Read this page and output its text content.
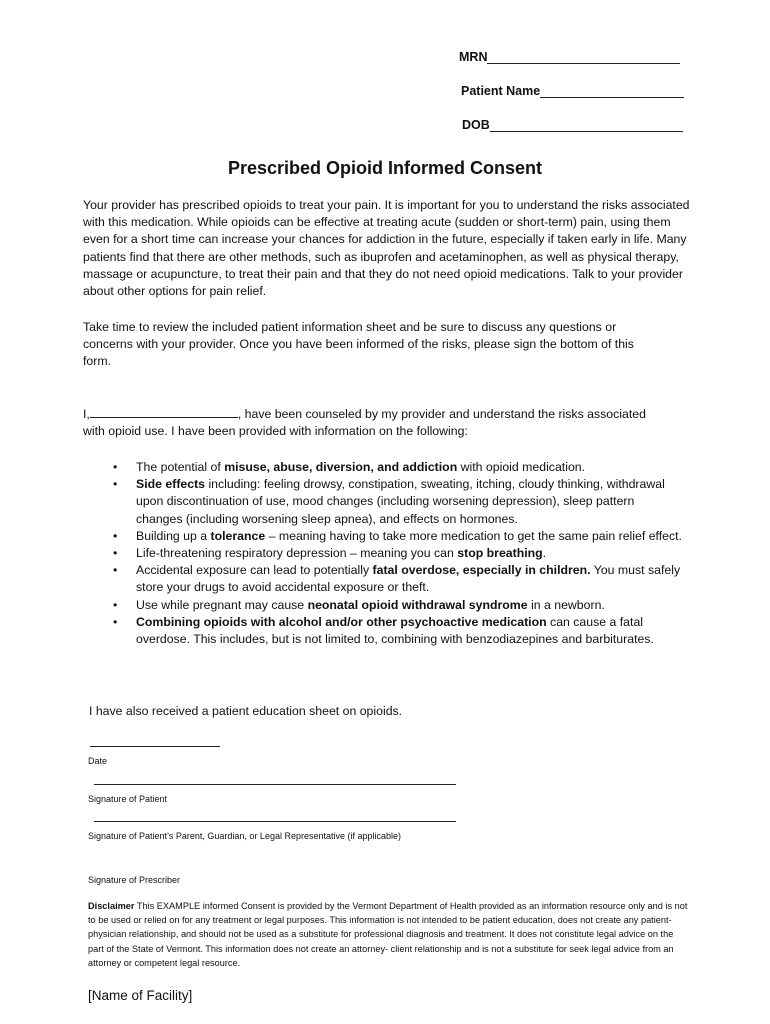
MRN
Patient Name
DOB
Prescribed Opioid Informed Consent

Your provider has prescribed opioids to treat your pain. It is important for you to understand the risks associated with this medication. While opioids can be effective at treating acute (sudden or short-term) pain, using them even for a short time can increase your chances for addiction in the future, especially if taken early in life. Many patients find that there are other methods, such as ibuprofen and acetaminophen, as well as physical therapy, massage or acupuncture, to treat their pain and that they do not need opioid medications. Talk to your provider about other options for pain relief.

Take time to review the included patient information sheet and be sure to discuss any questions or concerns with your provider. Once you have been informed of the risks, please sign the bottom of this form.

I,	, have been counseled by my provider and understand the risks associated with opioid use. I have been provided with information on the following:

• The potential of misuse, abuse, diversion, and addiction with opioid medication.
• Side effects including: feeling drowsy, constipation, sweating, itching, cloudy thinking, withdrawal upon discontinuation of use, mood changes (including worsening depression), sleep pattern changes (including worsening sleep apnea), and effects on hormones.
• Building up a tolerance – meaning having to take more medication to get the same pain relief effect.
• Life-threatening respiratory depression – meaning you can stop breathing.
• Accidental exposure can lead to potentially fatal overdose, especially in children. You must safely store your drugs to avoid accidental exposure or theft.
• Use while pregnant may cause neonatal opioid withdrawal syndrome in a newborn.
• Combining opioids with alcohol and/or other psychoactive medication can cause a fatal overdose. This includes, but is not limited to, combining with benzodiazepines and barbiturates.

I have also received a patient education sheet on opioids.

Date
Signature of Patient
Signature of Patient’s Parent, Guardian, or Legal Representative (if applicable)
Signature of Prescriber

Disclaimer This EXAMPLE informed Consent is provided by the Vermont Department of Health provided as an information resource only and is not to be used or relied on for any treatment or legal purposes. This information is not intended to be patient education, does not create any patient-physician relationship, and should not be used as a substitute for professional diagnosis and treatment. It does not constitute legal advice on the part of the State of Vermont. This information does not create an attorney- client relationship and is not a substitute for seek legal advice from an attorney or competent legal resource.

[Name of Facility]
